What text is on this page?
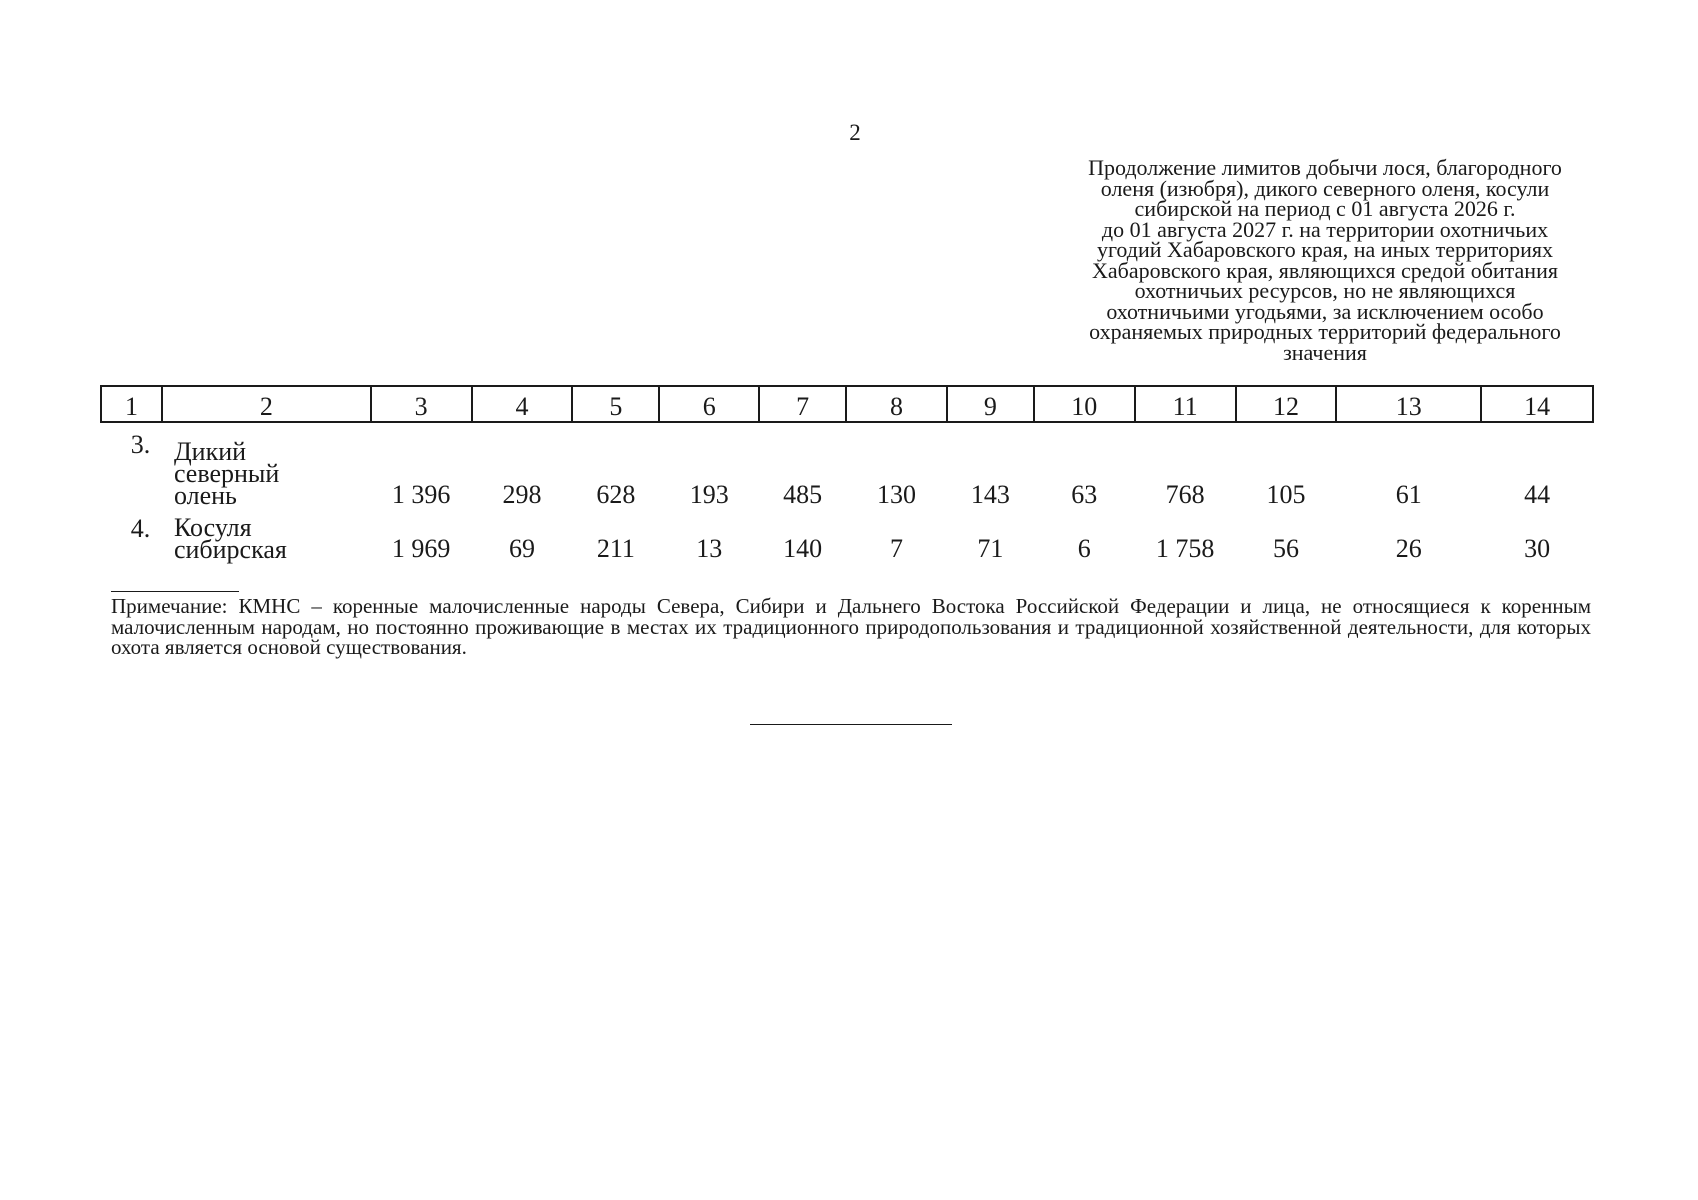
2
Продолжение лимитов добычи лося, благородного
оленя (изюбря), дикого северного оленя, косули
сибирской на период с 01 августа 2026 г.
до 01 августа 2027 г. на территории охотничьих
угодий Хабаровского края, на иных территориях
Хабаровского края, являющихся средой обитания
охотничьих ресурсов, но не являющихся
охотничьими угодьями, за исключением особо
охраняемых природных территорий федерального
значения
1	2	3	4	5	6	7	8	9	10	11	12	13	14
3.	Дикий
северный
олень	1 396	298	628	193	485	130	143	63	768	105	61	44
4.	Косуля
сибирская	1 969	69	211	13	140	7	71	6	1 758	56	26	30
Примечание: КМНС – коренные малочисленные народы Севера, Сибири и Дальнего Востока Российской Федерации и лица, не относящиеся к коренным малочисленным народам, но постоянно проживающие в местах их традиционного природопользования и традиционной хозяйственной деятельности, для которых охота является основой существования.
